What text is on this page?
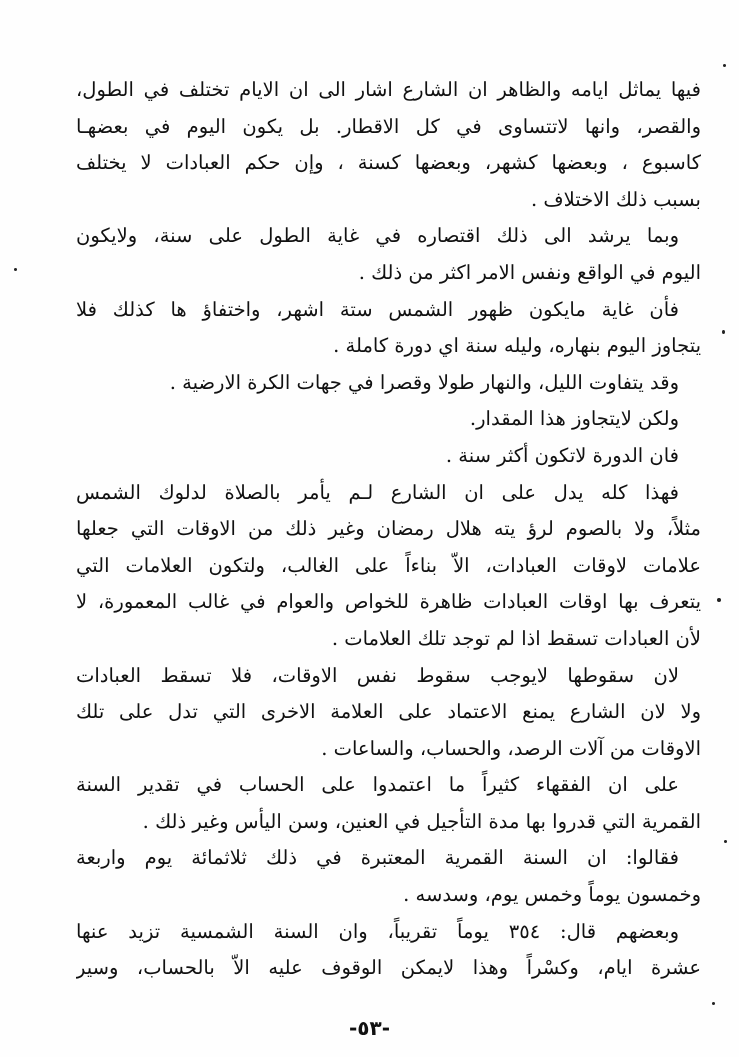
فيها يماثل ايامه والظاهر ان الشارع اشار الى ان الايام تختلف في الطول،
والقصر، وانها لاتتساوى في كل الاقطار. بل يكون اليوم في بعضهـا
كاسبوع ، وبعضها كشهر، وبعضها كسنة ، وإن حكم العبادات لا يختلف
بسبب ذلك الاختلاف .
وبما يرشد الى ذلك اقتصاره في غاية الطول على سنة، ولايكون
اليوم في الواقع ونفس الامر اكثر من ذلك .
فأن غاية مايكون ظهور الشمس ستة اشهر، واختفاؤ ها كذلك فلا
يتجاوز اليوم بنهاره، وليله سنة اي دورة كاملة .
وقد يتفاوت الليل، والنهار طولا وقصرا في جهات الكرة الارضية .
ولكن لايتجاوز هذا المقدار.
فان الدورة لاتكون أكثر سنة .
فهذا كله يدل على ان الشارع لـم يأمر بالصلاة لدلوك الشمس
مثلاً، ولا بالصوم لرؤ يته هلال رمضان وغير ذلك من الاوقات التي جعلها
علامات لاوقات العبادات، الاّ بناءاً على الغالب، ولتكون العلامات التي
يتعرف بها اوقات العبادات ظاهرة للخواص والعوام في غالب المعمورة، لا
لأن العبادات تسقط اذا لم توجد تلك العلامات .
لان سقوطها لايوجب سقوط نفس الاوقات، فلا تسقط العبادات
ولا لان الشارع يمنع الاعتماد على العلامة الاخرى التي تدل على تلك
الاوقات من آلات الرصد، والحساب، والساعات .
على ان الفقهاء كثيراً ما اعتمدوا على الحساب في تقدير السنة
القمرية التي قدروا بها مدة التأجيل في العنين، وسن اليأس وغير ذلك .
فقالوا: ان السنة القمرية المعتبرة في ذلك ثلاثمائة يوم واربعة
وخمسون يوماً وخمس يوم، وسدسه .
وبعضهم قال: ٣٥٤ يوماً تقريباً، وان السنة الشمسية تزيد عنها
عشرة ايام، وكسْراً وهذا لايمكن الوقوف عليه الاّ بالحساب، وسير
-٥٣-
